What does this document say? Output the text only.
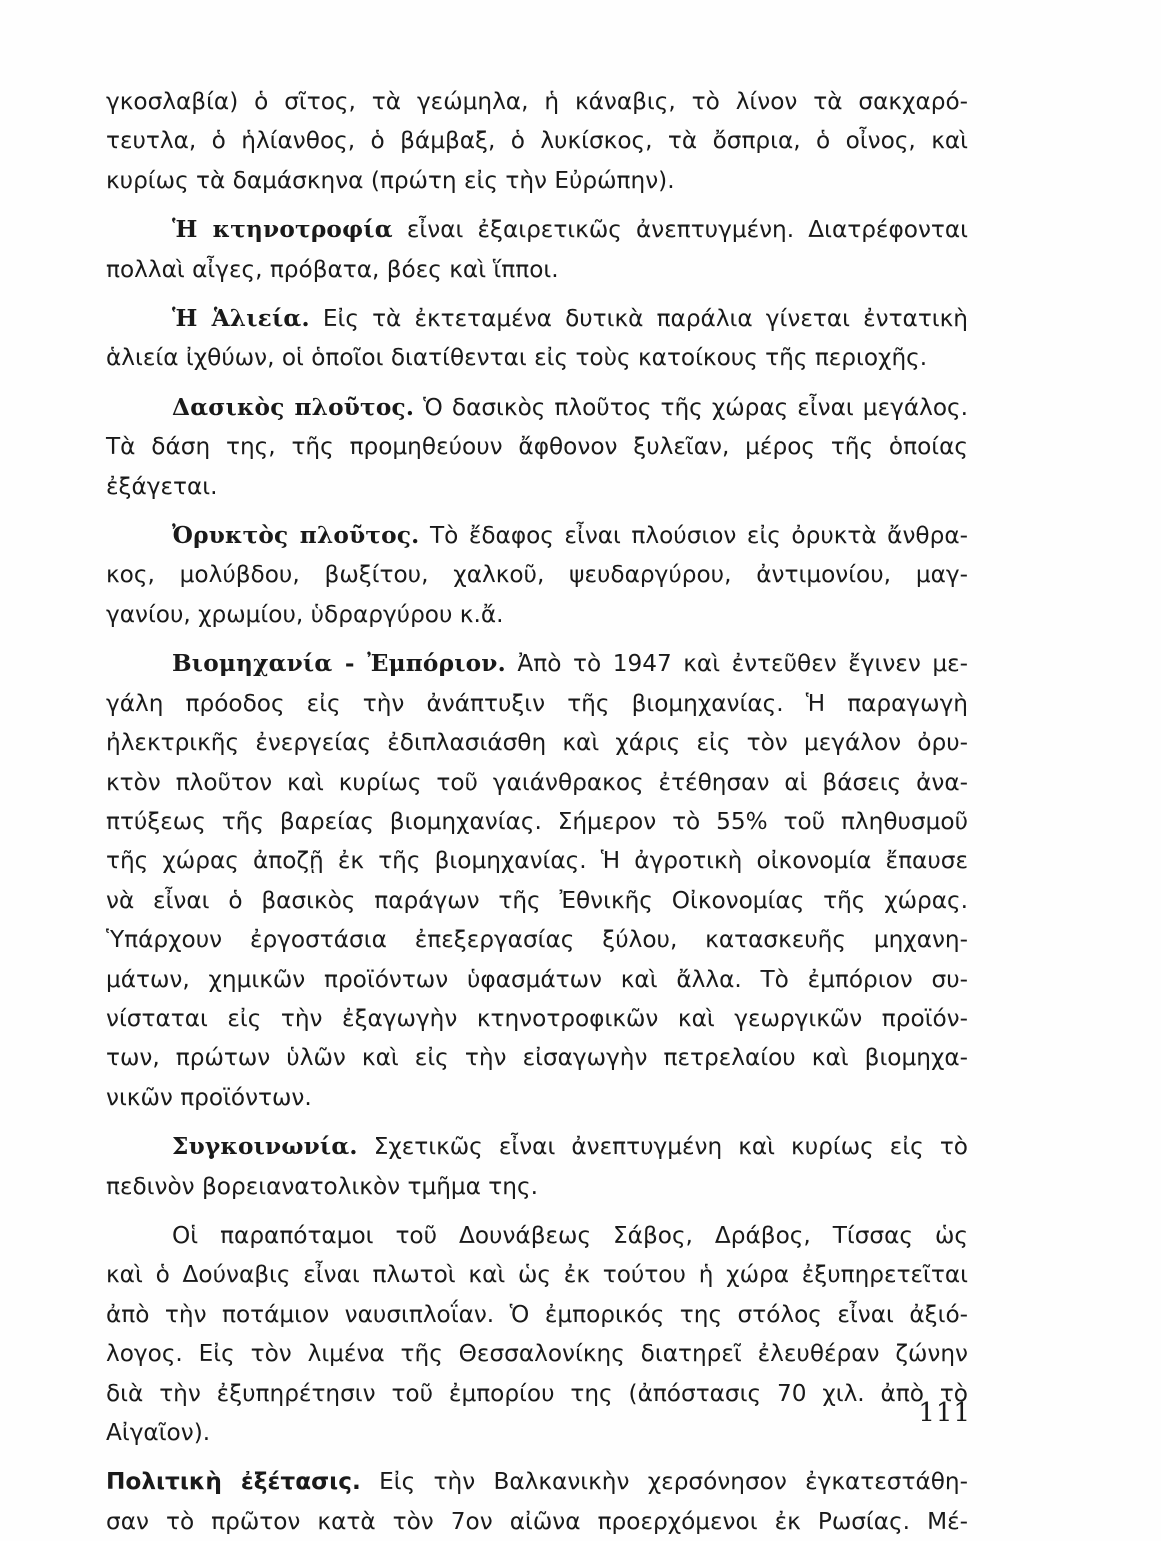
γκοσλαβία) ὁ σῖτος, τὰ γεώμηλα, ἡ κάναβις, τὸ λίνον τὰ σακχαρό-
τευτλα, ὁ ἡλίανθος, ὁ βάμβαξ, ὁ λυκίσκος, τὰ ὄσπρια, ὁ οἶνος, καὶ
κυρίως τὰ δαμάσκηνα (πρώτη εἰς τὴν Εὐρώπην).
Ἡ κτηνοτροφία εἶναι ἐξαιρετικῶς ἀνεπτυγμένη. Διατρέφονται
πολλαὶ αἶγες, πρόβατα, βόες καὶ ἵπποι.
Ἡ Ἁλιεία. Εἰς τὰ ἐκτεταμένα δυτικὰ παράλια γίνεται ἐντατικὴ
ἁλιεία ἰχθύων, οἱ ὁποῖοι διατίθενται εἰς τοὺς κατοίκους τῆς περιοχῆς.
Δασικὸς πλοῦτος. Ὁ δασικὸς πλοῦτος τῆς χώρας εἶναι μεγάλος.
Τὰ δάση της, τῆς προμηθεύουν ἄφθονον ξυλεῖαν, μέρος τῆς ὁποίας
ἐξάγεται.
Ὀρυκτὸς πλοῦτος. Τὸ ἔδαφος εἶναι πλούσιον εἰς ὀρυκτὰ ἄνθρα-
κος, μολύβδου, βωξίτου, χαλκοῦ, ψευδαργύρου, ἀντιμονίου, μαγ-
γανίου, χρωμίου, ὑδραργύρου κ.ἄ.
Βιομηχανία - Ἐμπόριον. Ἀπὸ τὸ 1947 καὶ ἐντεῦθεν ἔγινεν με-
γάλη πρόοδος εἰς τὴν ἀνάπτυξιν τῆς βιομηχανίας. Ἡ παραγωγὴ
ἠλεκτρικῆς ἐνεργείας ἐδιπλασιάσθη καὶ χάρις εἰς τὸν μεγάλον ὀρυ-
κτὸν πλοῦτον καὶ κυρίως τοῦ γαιάνθρακος ἐτέθησαν αἱ βάσεις ἀνα-
πτύξεως τῆς βαρείας βιομηχανίας. Σήμερον τὸ 55% τοῦ πληθυσμοῦ
τῆς χώρας ἀποζῇ ἐκ τῆς βιομηχανίας. Ἡ ἀγροτικὴ οἰκονομία ἔπαυσε
νὰ εἶναι ὁ βασικὸς παράγων τῆς Ἐθνικῆς Οἰκονομίας τῆς χώρας.
Ὑπάρχουν ἐργοστάσια ἐπεξεργασίας ξύλου, κατασκευῆς μηχανη-
μάτων, χημικῶν προϊόντων ὑφασμάτων καὶ ἄλλα. Τὸ ἐμπόριον συ-
νίσταται εἰς τὴν ἐξαγωγὴν κτηνοτροφικῶν καὶ γεωργικῶν προϊόν-
των, πρώτων ὑλῶν καὶ εἰς τὴν εἰσαγωγὴν πετρελαίου καὶ βιομηχα-
νικῶν προϊόντων.
Συγκοινωνία. Σχετικῶς εἶναι ἀνεπτυγμένη καὶ κυρίως εἰς τὸ
πεδινὸν βορειανατολικὸν τμῆμα της.
Οἱ παραπόταμοι τοῦ Δουνάβεως Σάβος, Δράβος, Τίσσας ὡς
καὶ ὁ Δούναβις εἶναι πλωτοὶ καὶ ὡς ἐκ τούτου ἡ χώρα ἐξυπηρετεῖται
ἀπὸ τὴν ποτάμιον ναυσιπλοΐαν. Ὁ ἐμπορικός της στόλος εἶναι ἀξιό-
λογος. Εἰς τὸν λιμένα τῆς Θεσσαλονίκης διατηρεῖ ἐλευθέραν ζώνην
διὰ τὴν ἐξυπηρέτησιν τοῦ ἐμπορίου της (ἀπόστασις 70 χιλ. ἀπὸ τὸ
Αἰγαῖον).
Πολιτικὴ ἐξέτασις. Εἰς τὴν Βαλκανικὴν χερσόνησον ἐγκατεστάθη-
σαν τὸ πρῶτον κατὰ τὸν 7ον αἰῶνα προερχόμενοι ἐκ Ρωσίας. Μέ-
111
